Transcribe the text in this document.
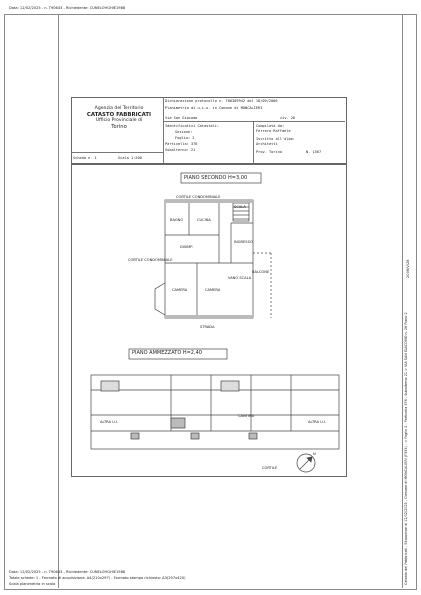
Data: 12/02/2025 - n. T90643 - Richiedente: CUNELOHGHIE1988
Agenzia del Territorio
CATASTO FABBRICATI
Ufficio Provinciale di
Torino
Dichiarazione protocollo n. T00309942 del 18/09/2006
Planimetria di u.i.u. in Comune di MONCALIERI
Via San Giacomo	civ. 26
Identificativi Catastali:
Sezione:
Foglio: 2
Particella: 376
Subalterno: 21
Compilata da:
Ferrero Raffaele
Iscritto all'albo:
Architetti
Prov. Torino	N. 1567
Scheda n. 1	Scala 1:200
PIANO SECONDO H=3,00
CORTILE CONDOMINIALE
BAGNO	CUCINA
DISIMP.
SCALA
INGRESSO
CAMERA	CAMERA
VANO SCALA
BALCONE
CORTILE CONDOMINIALE
STRADA
PIANO AMMEZZATO H=2,40
CANTINA
ALTRA U.I.	ALTRA U.I.
CORTILE
N	Catasto dei Fabbricati - Situazione al 12/02/2025 - Comune di MONCALIERI (F335) - < Foglio 2 - Particella 376 - Subalterno 21 > VIA SAN GIACOMO n. 26 Piano 2
2006/V/28
Data: 12/02/2025 - n. T90643 - Richiedente: CUNELOHGHIE1988
Totale schede: 1 - Formato di acquisizione: A4(210x297) - Formato stampa richiesto: A3(297x420)
Scala planimetria in scala
